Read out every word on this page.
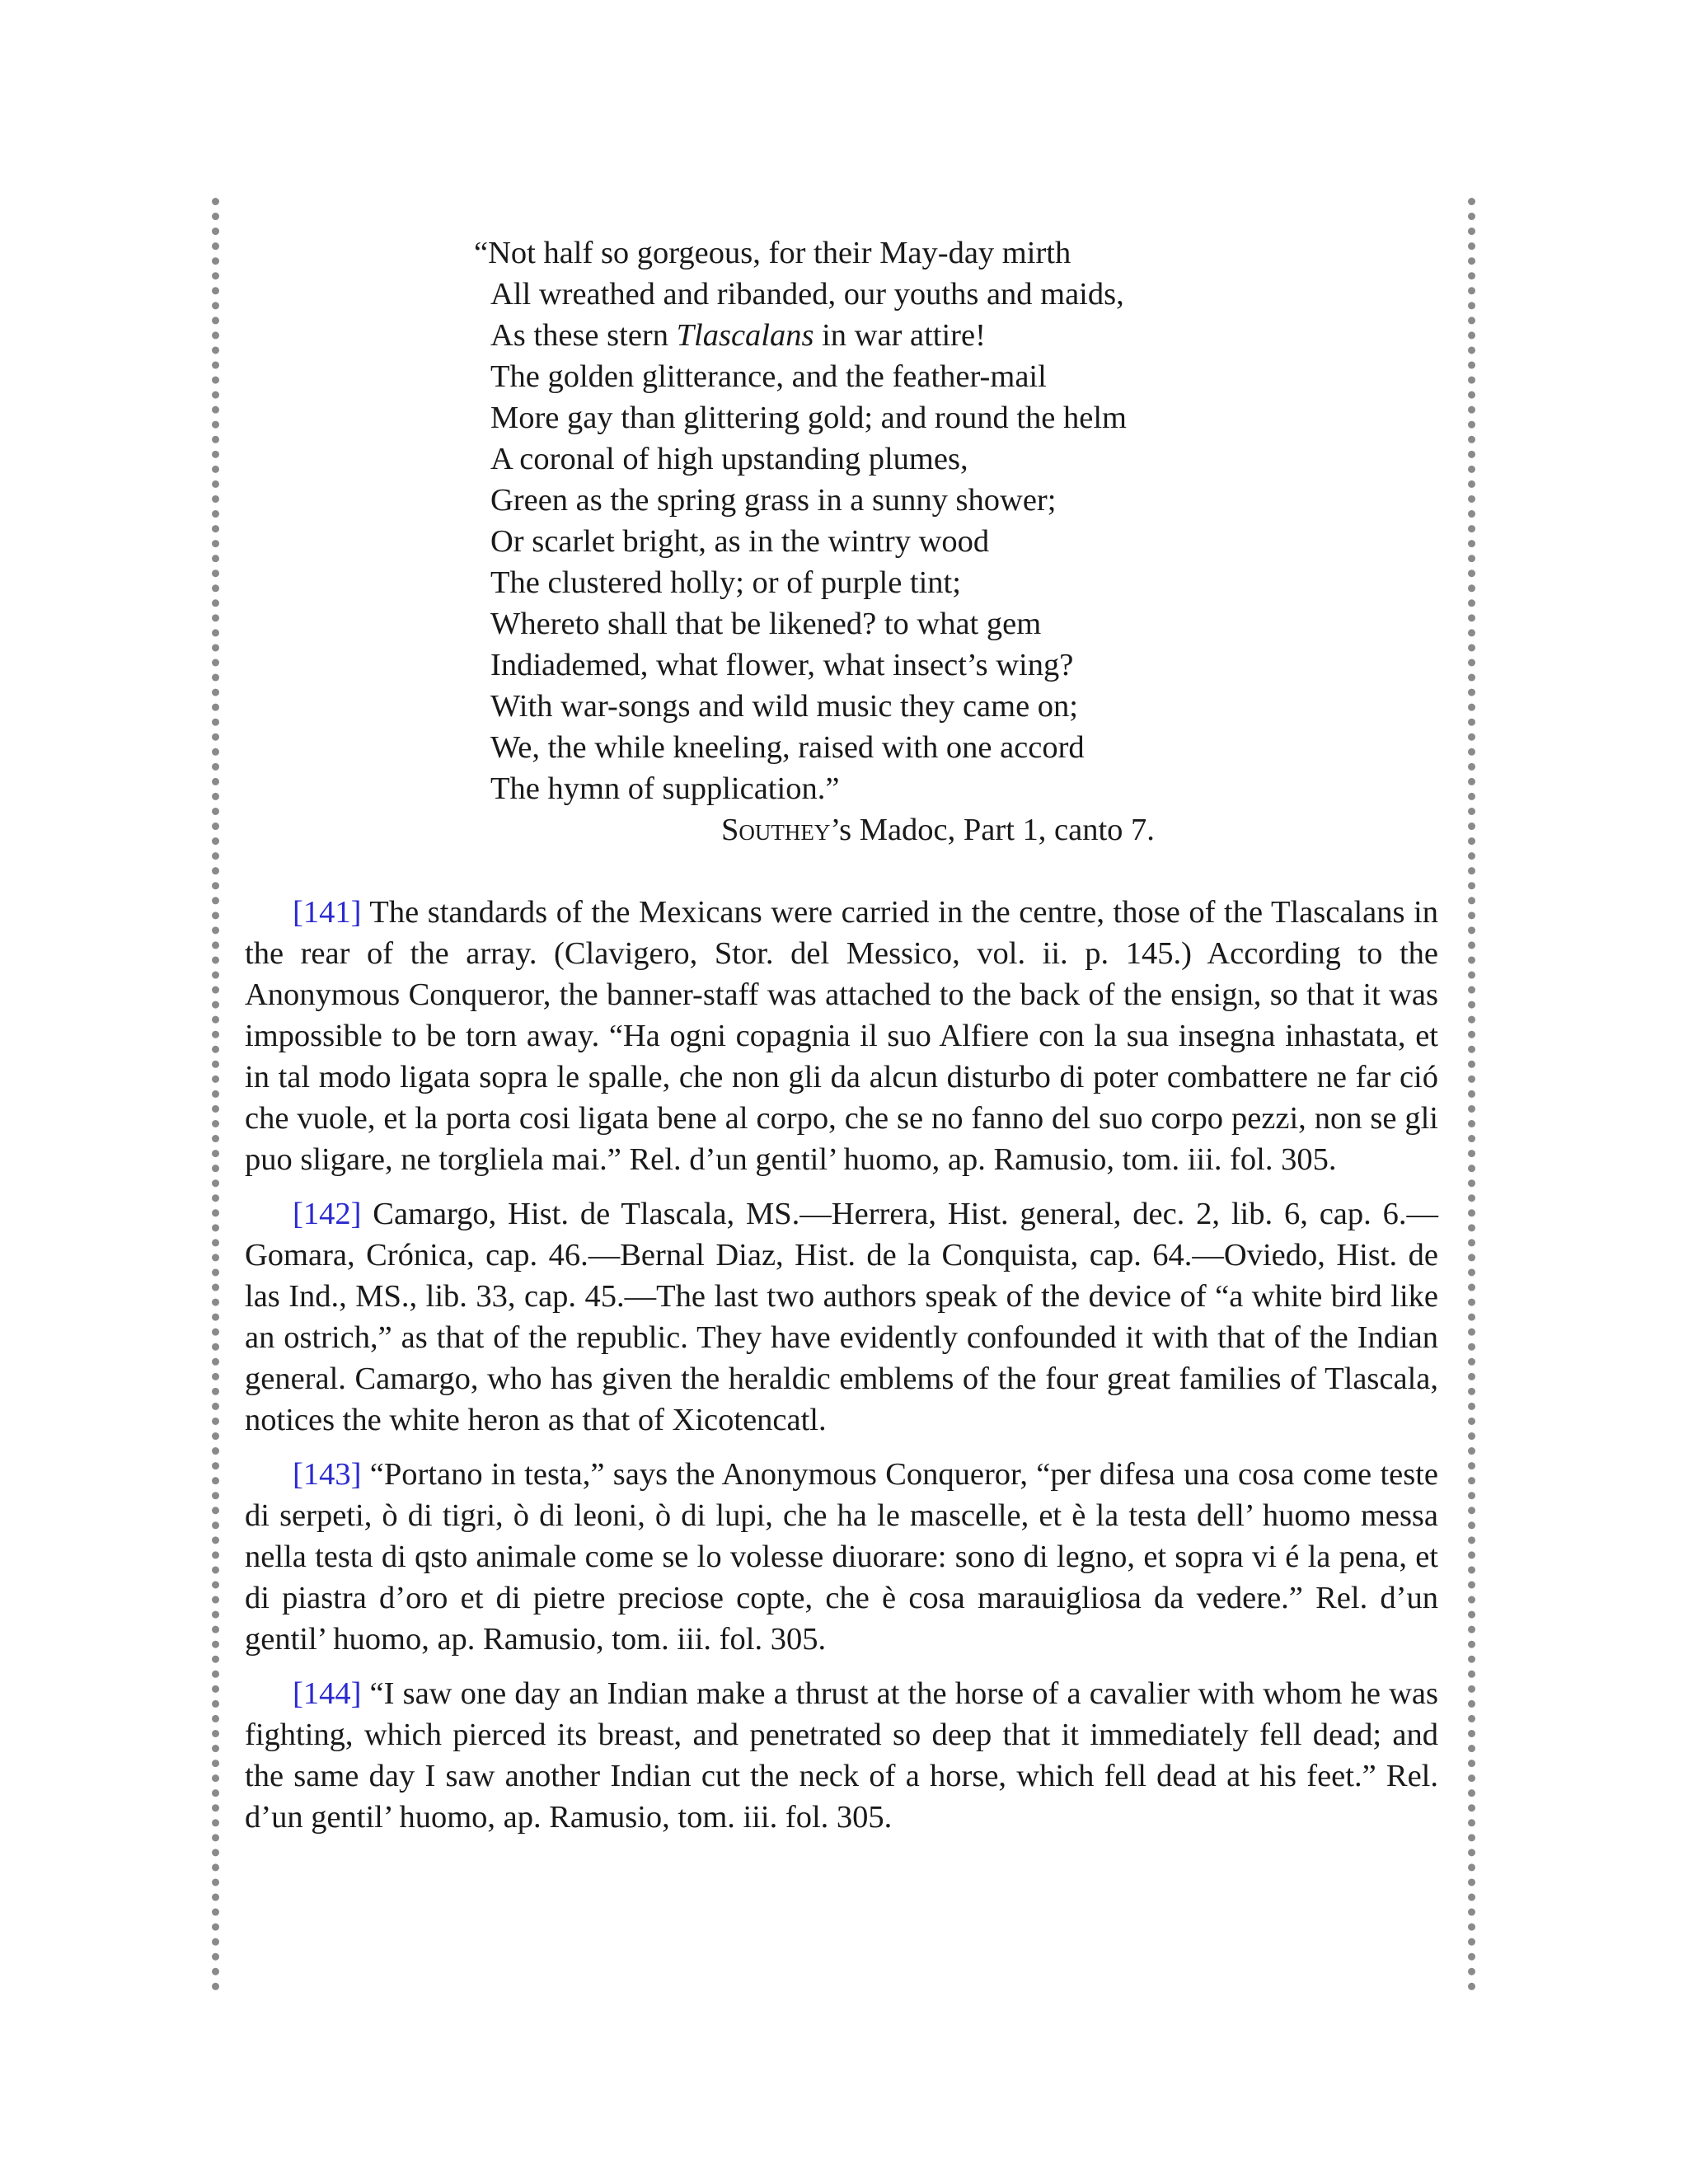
“Not half so gorgeous, for their May-day mirth
All wreathed and ribanded, our youths and maids,
As these stern Tlascalans in war attire!
The golden glitterance, and the feather-mail
More gay than glittering gold; and round the helm
A coronal of high upstanding plumes,
Green as the spring grass in a sunny shower;
Or scarlet bright, as in the wintry wood
The clustered holly; or of purple tint;
Whereto shall that be likened? to what gem
Indiademed, what flower, what insect’s wing?
With war-songs and wild music they came on;
We, the while kneeling, raised with one accord
The hymn of supplication.”
Southey’s Madoc, Part 1, canto 7.

[141] The standards of the Mexicans were carried in the centre, those of the Tlascalans in the rear of the array. (Clavigero, Stor. del Messico, vol. ii. p. 145.) According to the Anonymous Conqueror, the banner-staff was attached to the back of the ensign, so that it was impossible to be torn away. “Ha ogni copagnia il suo Alfiere con la sua insegna inhastata, et in tal modo ligata sopra le spalle, che non gli da alcun disturbo di poter combattere ne far ció che vuole, et la porta cosi ligata bene al corpo, che se no fanno del suo corpo pezzi, non se gli puo sligare, ne torgliela mai.” Rel. d’un gentil’ huomo, ap. Ramusio, tom. iii. fol. 305.

[142] Camargo, Hist. de Tlascala, MS.—Herrera, Hist. general, dec. 2, lib. 6, cap. 6.—Gomara, Crónica, cap. 46.—Bernal Diaz, Hist. de la Conquista, cap. 64.—Oviedo, Hist. de las Ind., MS., lib. 33, cap. 45.—The last two authors speak of the device of “a white bird like an ostrich,” as that of the republic. They have evidently confounded it with that of the Indian general. Camargo, who has given the heraldic emblems of the four great families of Tlascala, notices the white heron as that of Xicotencatl.

[143] “Portano in testa,” says the Anonymous Conqueror, “per difesa una cosa come teste di serpeti, ò di tigri, ò di leoni, ò di lupi, che ha le mascelle, et è la testa dell’ huomo messa nella testa di qsto animale come se lo volesse diuorare: sono di legno, et sopra vi é la pena, et di piastra d’oro et di pietre preciose copte, che è cosa marauigliosa da vedere.” Rel. d’un gentil’ huomo, ap. Ramusio, tom. iii. fol. 305.

[144] “I saw one day an Indian make a thrust at the horse of a cavalier with whom he was fighting, which pierced its breast, and penetrated so deep that it immediately fell dead; and the same day I saw another Indian cut the neck of a horse, which fell dead at his feet.” Rel. d’un gentil’ huomo, ap. Ramusio, tom. iii. fol. 305.
